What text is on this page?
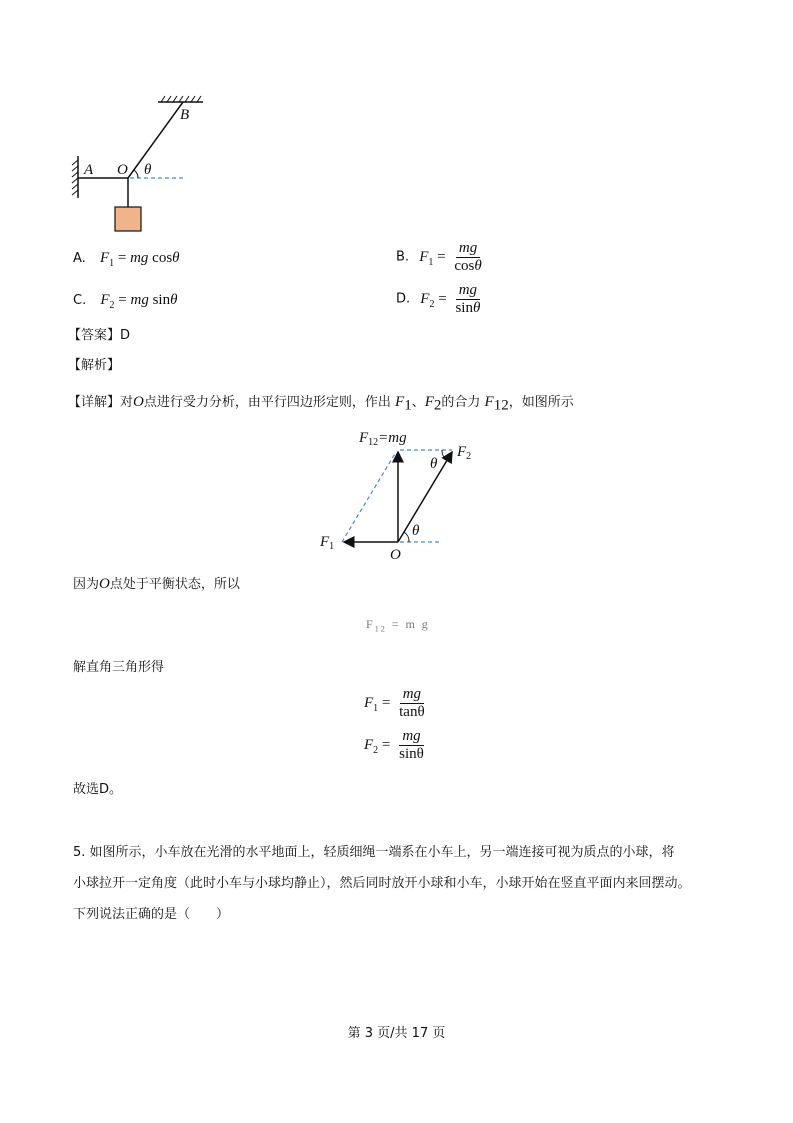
A O
B
θ
A. $F_1$ = mg cosθ	B. $F_1 = \frac{mg}{\cos\theta}$
C. $F_2$ = mg sinθ	D. $F_2 = \frac{mg}{\sin\theta}$
【答案】D
【解析】
【详解】对O点进行受力分析，由平行四边形定则，作出 $F_1$、$F_2$的合力 $F_{12}$，如图所示
$F_{12}=mg$
$F_2$
$F_1$
O
θ
θ
因为O点处于平衡状态，所以
$F_{12} = m$ g
解直角三角形得
$F_1 = \frac{mg}{\tan\theta}$
$F_2 = \frac{mg}{\sin\theta}$
故选D。
5. 如图所示，小车放在光滑的水平地面上，轻质细绳一端系在小车上，另一端连接可视为质点的小球，将
小球拉开一定角度（此时小车与小球均静止），然后同时放开小球和小车，小球开始在竖直平面内来回摆动。
下列说法正确的是（　　）
第 3 页/共 17 页
